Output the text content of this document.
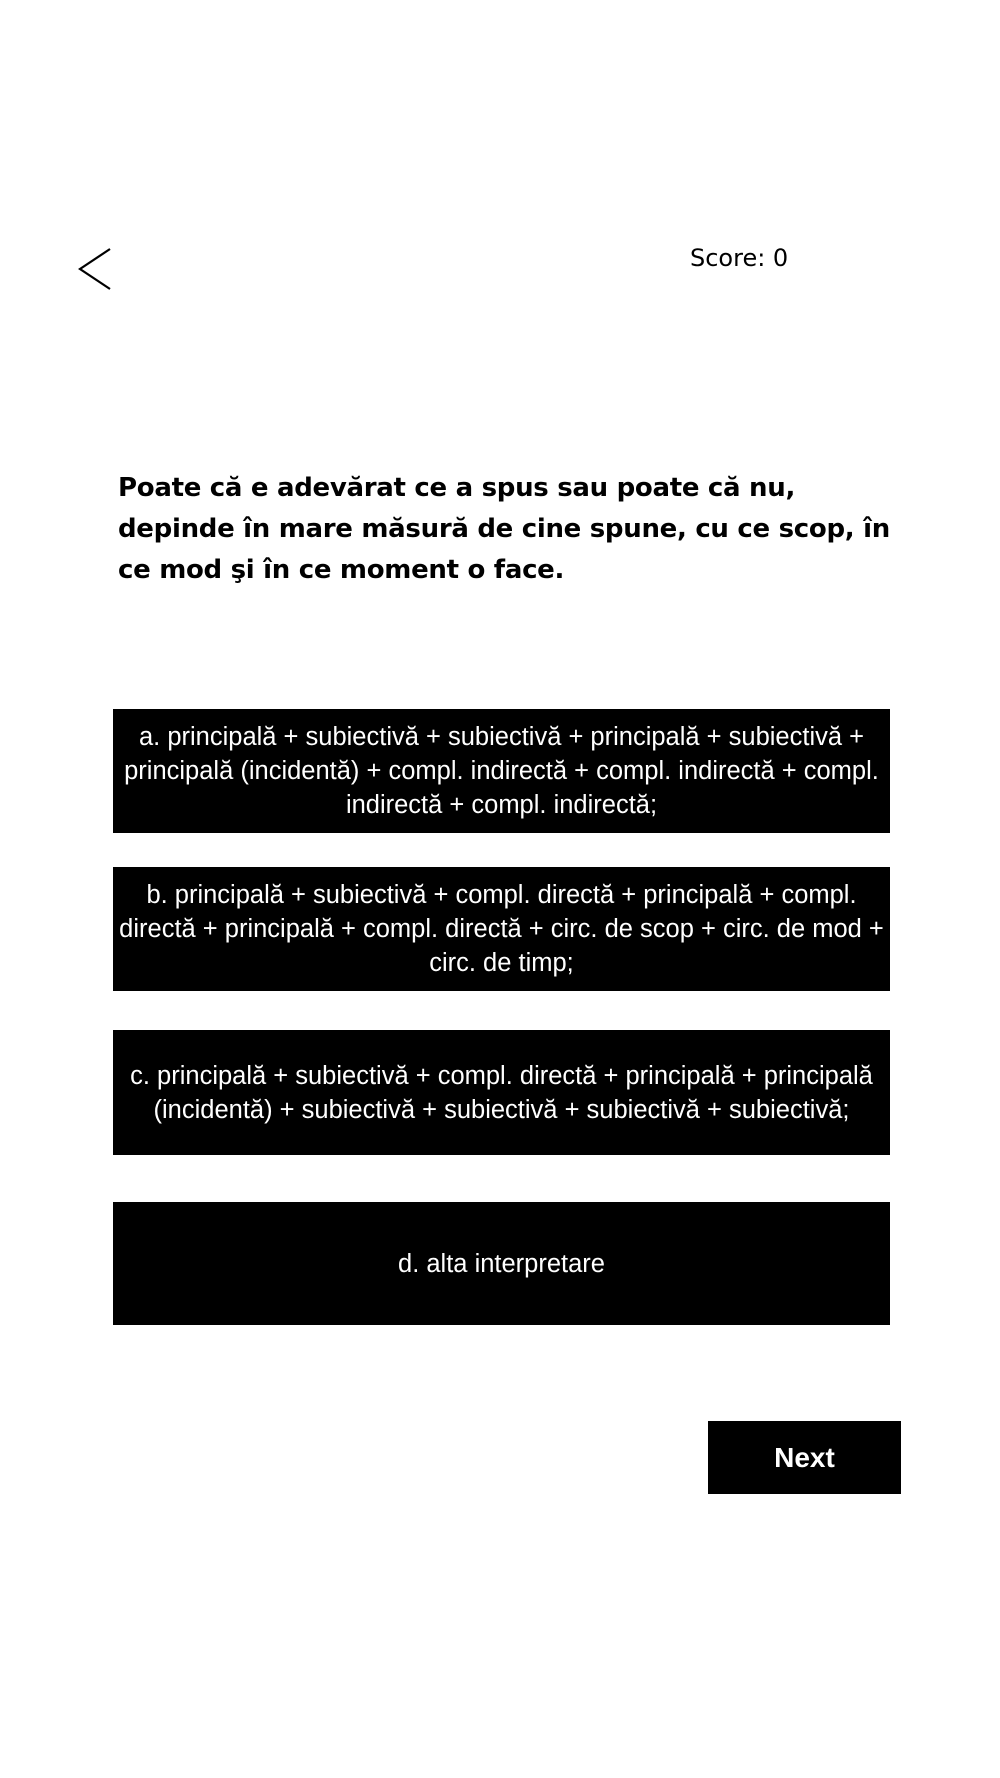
Score: 0
Poate că e adevărat ce a spus sau poate că nu, depinde în mare măsură de cine spune, cu ce scop, în ce mod şi în ce moment o face.
a. principală + subiectivă + subiectivă + principală + subiectivă + principală (incidentă) + compl. indirectă + compl. indirectă + compl. indirectă + compl. indirectă;
b. principală + subiectivă + compl. directă + principală + compl. directă + principală + compl. directă + circ. de scop + circ. de mod + circ. de timp;
c. principală + subiectivă + compl. directă + principală + principală (incidentă) + subiectivă + subiectivă + subiectivă + subiectivă;
d. alta interpretare
Next
